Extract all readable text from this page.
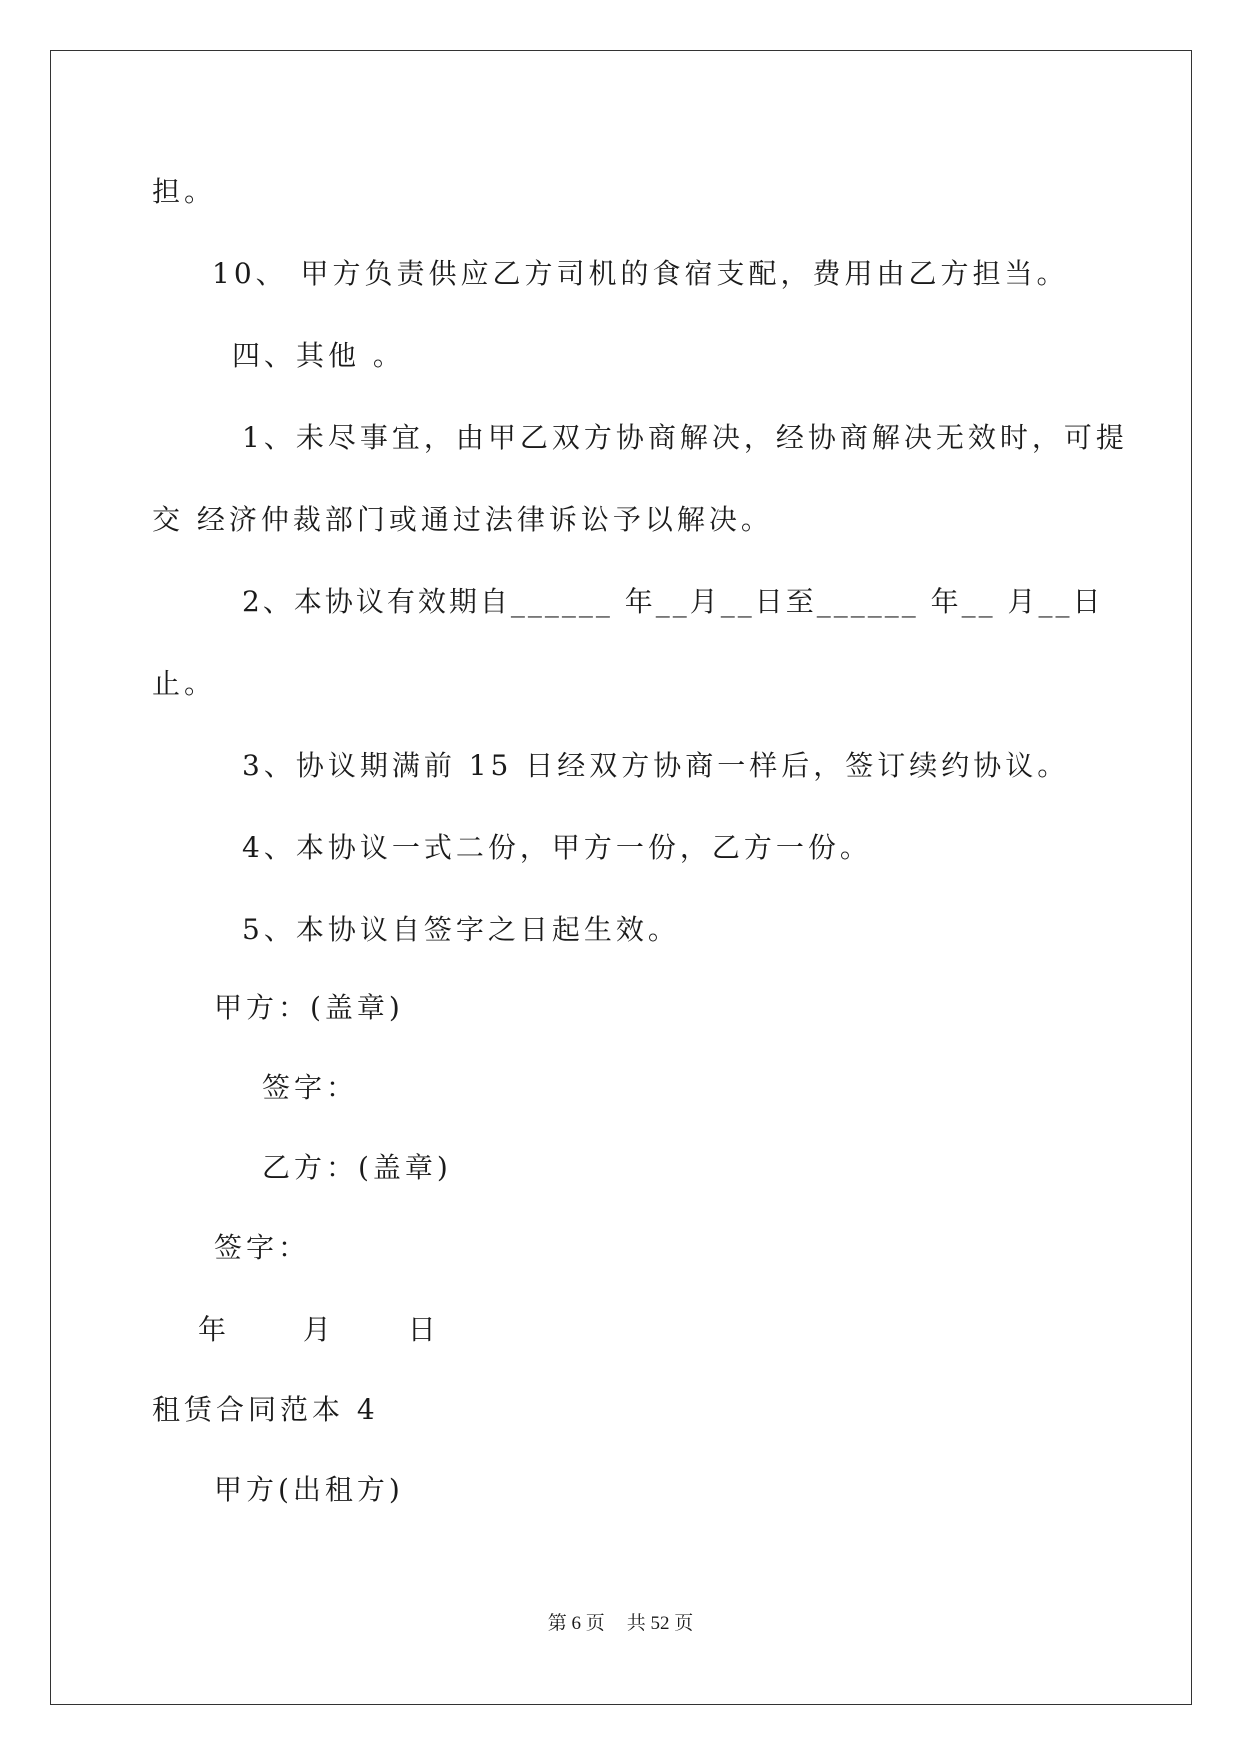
担。
10、 甲方负责供应乙方司机的食宿支配，费用由乙方担当。
四、其他 。
1、未尽事宜，由甲乙双方协商解决，经协商解决无效时，可提
交 经济仲裁部门或通过法律诉讼予以解决。
2、本协议有效期自______ 年__月__日至______ 年__ 月__日
止。
3、协议期满前 15 日经双方协商一样后，签订续约协议。
4、本协议一式二份，甲方一份，乙方一份。
5、本协议自签字之日起生效。
甲方：(盖章)
签字：
乙方：(盖章)
签字：
年 月 日
租赁合同范本 4
甲方(出租方)
第 6 页 共 52 页
